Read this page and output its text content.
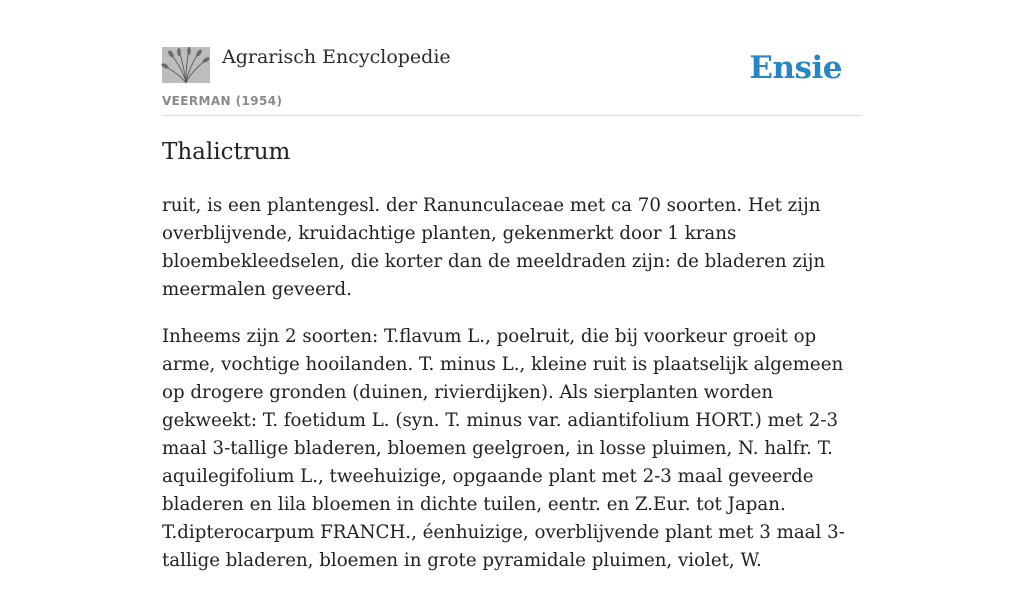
Agrarisch Encyclopedie
VEERMAN (1954)
Ensie
Thalictrum

ruit, is een plantengesl. der Ranunculaceae met ca 70 soorten. Het zijn overblijvende, kruidachtige planten, gekenmerkt door 1 krans bloembekleedselen, die korter dan de meeldraden zijn: de bladeren zijn meermalen geveerd.

Inheems zijn 2 soorten: T.flavum L., poelruit, die bij voorkeur groeit op arme, vochtige hooilanden. T. minus L., kleine ruit is plaatselijk algemeen op drogere gronden (duinen, rivierdijken). Als sierplanten worden gekweekt: T. foetidum L. (syn. T. minus var. adiantifolium HORT.) met 2-3 maal 3-tallige bladeren, bloemen geelgroen, in losse pluimen, N. halfr. T. aquilegifolium L., tweehuizige, opgaande plant met 2-3 maal geveerde bladeren en lila bloemen in dichte tuilen, eentr. en Z.Eur. tot Japan. T.dipterocarpum FRANCH., éenhuizige, overblijvende plant met 3 maal 3-tallige bladeren, bloemen in grote pyramidale pluimen, violet, W.
